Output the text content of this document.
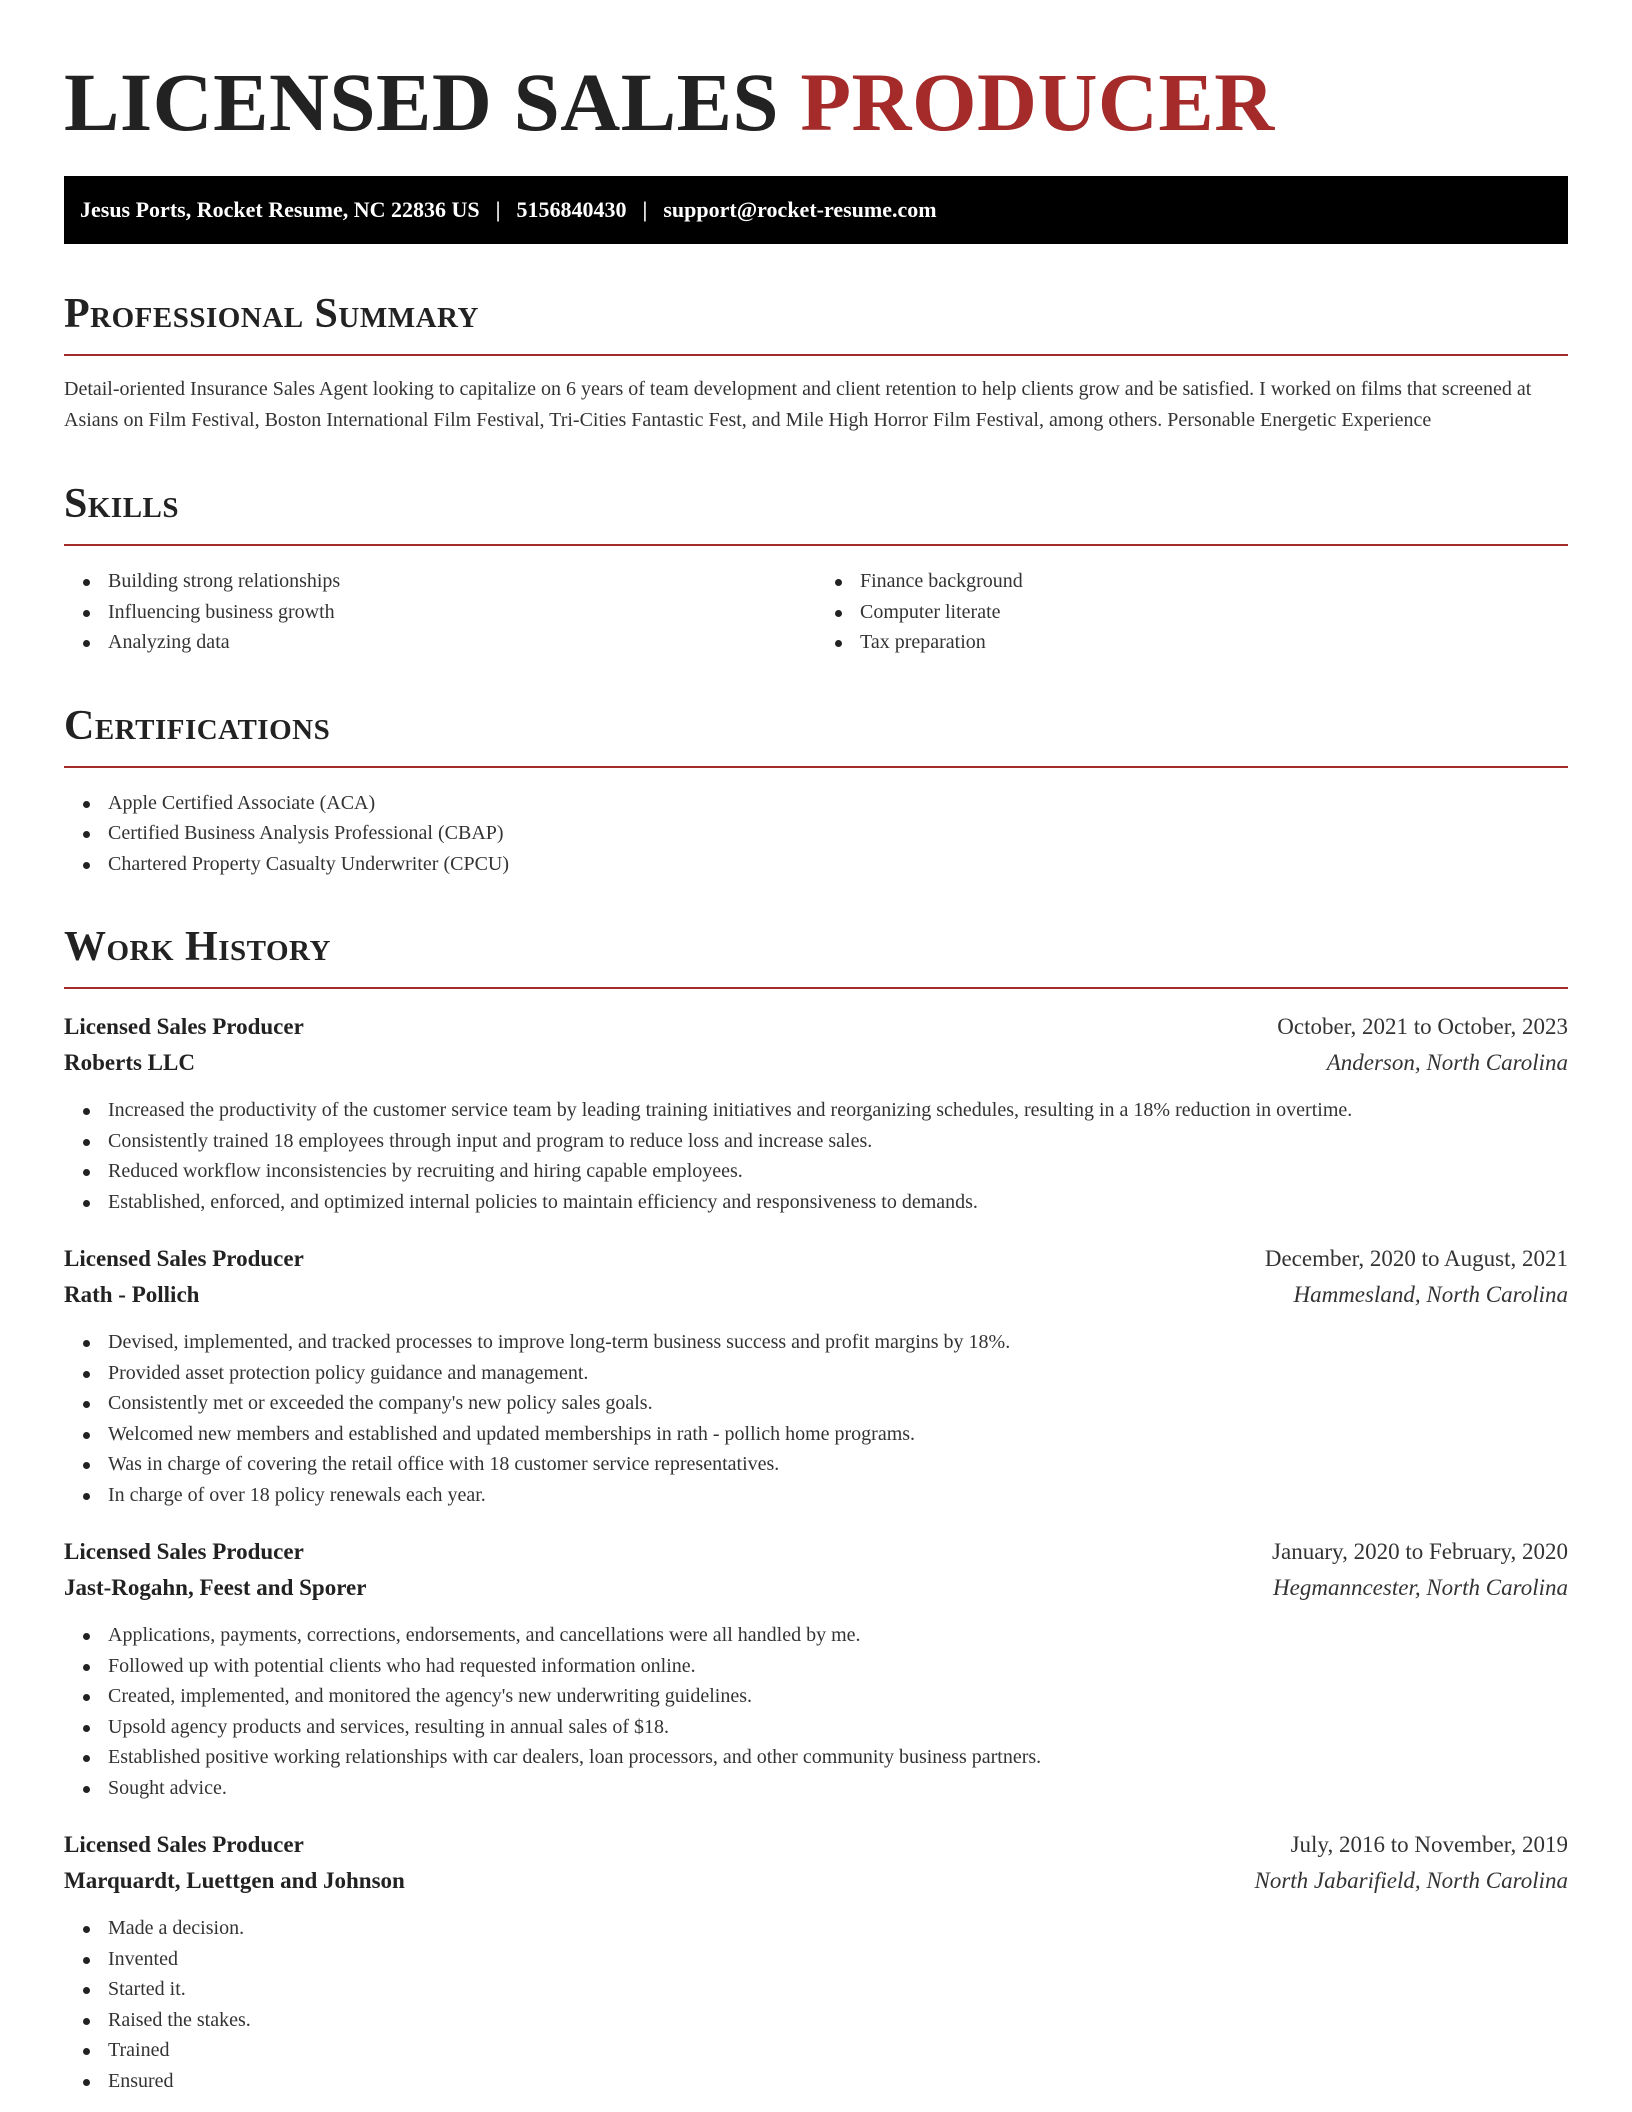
LICENSED SALES PRODUCER
Jesus Ports, Rocket Resume, NC 22836 US | 5156840430 | support@rocket-resume.com
Professional Summary

Detail-oriented Insurance Sales Agent looking to capitalize on 6 years of team development and client retention to help clients grow and be satisfied. I worked on films that screened at Asians on Film Festival, Boston International Film Festival, Tri-Cities Fantastic Fest, and Mile High Horror Film Festival, among others. Personable Energetic Experience

Skills
Building strong relationships
Influencing business growth
Analyzing data
Finance background
Computer literate
Tax preparation
Certifications
Apple Certified Associate (ACA)
Certified Business Analysis Professional (CBAP)
Chartered Property Casualty Underwriter (CPCU)
Work History
Licensed Sales Producer	October, 2021 to October, 2023
Roberts LLC	Anderson, North Carolina
Increased the productivity of the customer service team by leading training initiatives and reorganizing schedules, resulting in a 18% reduction in overtime.
Consistently trained 18 employees through input and program to reduce loss and increase sales.
Reduced workflow inconsistencies by recruiting and hiring capable employees.
Established, enforced, and optimized internal policies to maintain efficiency and responsiveness to demands.
Licensed Sales Producer	December, 2020 to August, 2021
Rath - Pollich	Hammesland, North Carolina
Devised, implemented, and tracked processes to improve long-term business success and profit margins by 18%.
Provided asset protection policy guidance and management.
Consistently met or exceeded the company's new policy sales goals.
Welcomed new members and established and updated memberships in rath - pollich home programs.
Was in charge of covering the retail office with 18 customer service representatives.
In charge of over 18 policy renewals each year.
Licensed Sales Producer	January, 2020 to February, 2020
Jast-Rogahn, Feest and Sporer	Hegmanncester, North Carolina
Applications, payments, corrections, endorsements, and cancellations were all handled by me.
Followed up with potential clients who had requested information online.
Created, implemented, and monitored the agency's new underwriting guidelines.
Upsold agency products and services, resulting in annual sales of $18.
Established positive working relationships with car dealers, loan processors, and other community business partners.
Sought advice.
Licensed Sales Producer	July, 2016 to November, 2019
Marquardt, Luettgen and Johnson	North Jabarifield, North Carolina
Made a decision.
Invented
Started it.
Raised the stakes.
Trained
Ensured
